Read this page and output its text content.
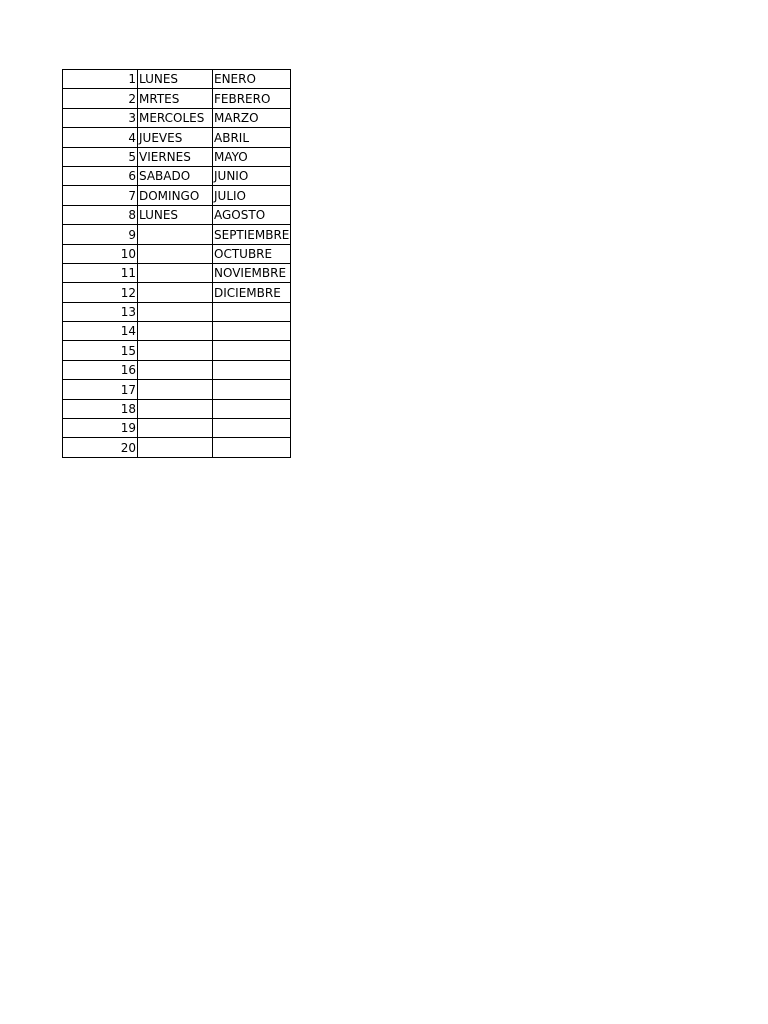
1	LUNES	ENERO
2	MRTES	FEBRERO
3	MERCOLES	MARZO
4	JUEVES	ABRIL
5	VIERNES	MAYO
6	SABADO	JUNIO
7	DOMINGO	JULIO
8	LUNES	AGOSTO
9		SEPTIEMBRE
10		OCTUBRE
11		NOVIEMBRE
12		DICIEMBRE
13		
14		
15		
16		
17		
18		
19		
20		
